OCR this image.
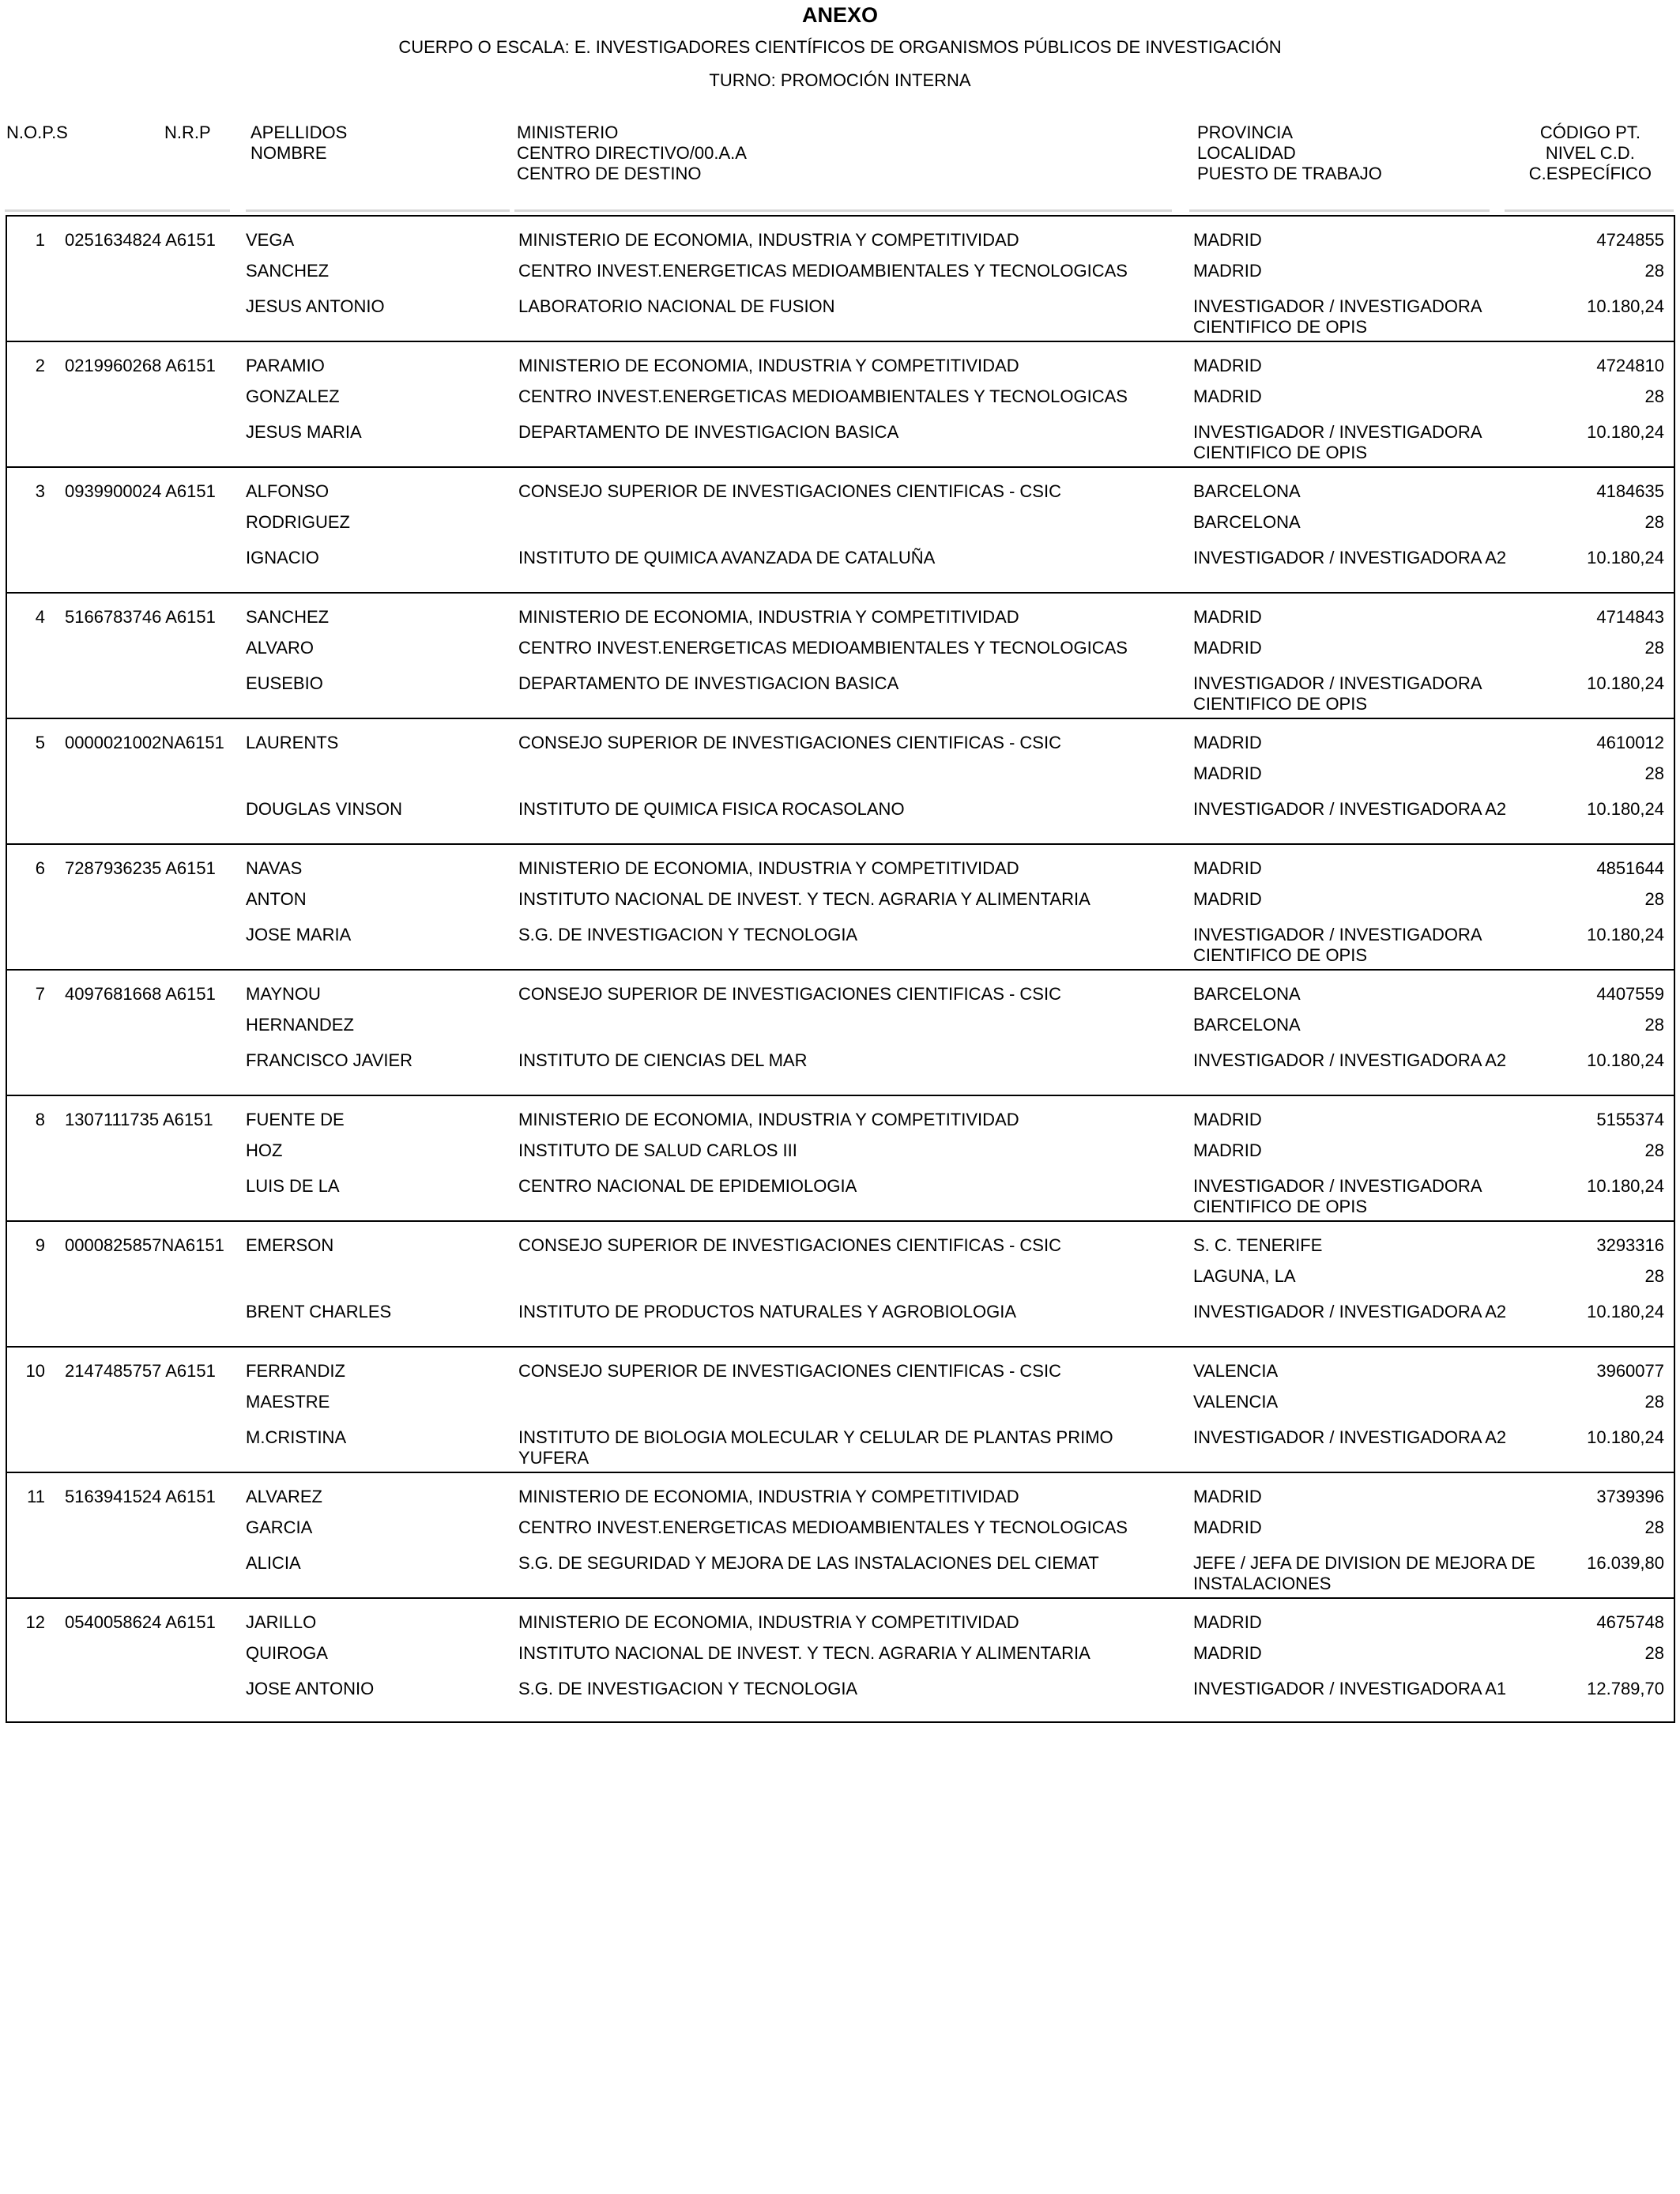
ANEXO
CUERPO O ESCALA: E. INVESTIGADORES CIENTÍFICOS DE ORGANISMOS PÚBLICOS DE INVESTIGACIÓN
TURNO: PROMOCIÓN INTERNA
N.O.P.S	N.R.P APELLIDOS
NOMBRE
MINISTERIO
CENTRO DIRECTIVO/00.A.A
CENTRO DE DESTINO
PROVINCIA
LOCALIDAD
PUESTO DE TRABAJO
CÓDIGO PT.
NIVEL C.D.
C.ESPECÍFICO
1 0251634824 A6151 VEGA
SANCHEZ
JESUS ANTONIO
MINISTERIO DE ECONOMIA, INDUSTRIA Y COMPETITIVIDAD
CENTRO INVEST.ENERGETICAS MEDIOAMBIENTALES Y TECNOLOGICAS
LABORATORIO NACIONAL DE FUSION
MADRID
MADRID
INVESTIGADOR / INVESTIGADORA CIENTIFICO DE OPIS
4724855
28
10.180,24
2 0219960268 A6151 PARAMIO
GONZALEZ
JESUS MARIA
MINISTERIO DE ECONOMIA, INDUSTRIA Y COMPETITIVIDAD
CENTRO INVEST.ENERGETICAS MEDIOAMBIENTALES Y TECNOLOGICAS
DEPARTAMENTO DE INVESTIGACION BASICA
MADRID
MADRID
INVESTIGADOR / INVESTIGADORA CIENTIFICO DE OPIS
4724810
28
10.180,24
3 0939900024 A6151 ALFONSO
RODRIGUEZ
IGNACIO
CONSEJO SUPERIOR DE INVESTIGACIONES CIENTIFICAS - CSIC
INSTITUTO DE QUIMICA AVANZADA DE CATALUÑA
BARCELONA
BARCELONA
INVESTIGADOR / INVESTIGADORA A2
4184635
28
10.180,24
4 5166783746 A6151 SANCHEZ
ALVARO
EUSEBIO
MINISTERIO DE ECONOMIA, INDUSTRIA Y COMPETITIVIDAD
CENTRO INVEST.ENERGETICAS MEDIOAMBIENTALES Y TECNOLOGICAS
DEPARTAMENTO DE INVESTIGACION BASICA
MADRID
MADRID
INVESTIGADOR / INVESTIGADORA CIENTIFICO DE OPIS
4714843
28
10.180,24
5 0000021002NA6151 LAURENTS
DOUGLAS VINSON
CONSEJO SUPERIOR DE INVESTIGACIONES CIENTIFICAS - CSIC
INSTITUTO DE QUIMICA FISICA ROCASOLANO
MADRID
MADRID
INVESTIGADOR / INVESTIGADORA A2
4610012
28
10.180,24
6 7287936235 A6151 NAVAS
ANTON
JOSE MARIA
MINISTERIO DE ECONOMIA, INDUSTRIA Y COMPETITIVIDAD
INSTITUTO NACIONAL DE INVEST. Y TECN. AGRARIA Y ALIMENTARIA
S.G. DE INVESTIGACION Y TECNOLOGIA
MADRID
MADRID
INVESTIGADOR / INVESTIGADORA CIENTIFICO DE OPIS
4851644
28
10.180,24
7 4097681668 A6151 MAYNOU
HERNANDEZ
FRANCISCO JAVIER
CONSEJO SUPERIOR DE INVESTIGACIONES CIENTIFICAS - CSIC
INSTITUTO DE CIENCIAS DEL MAR
BARCELONA
BARCELONA
INVESTIGADOR / INVESTIGADORA A2
4407559
28
10.180,24
8 1307111735 A6151 FUENTE DE
HOZ
LUIS DE LA
MINISTERIO DE ECONOMIA, INDUSTRIA Y COMPETITIVIDAD
INSTITUTO DE SALUD CARLOS III
CENTRO NACIONAL DE EPIDEMIOLOGIA
MADRID
MADRID
INVESTIGADOR / INVESTIGADORA CIENTIFICO DE OPIS
5155374
28
10.180,24
9 0000825857NA6151 EMERSON
BRENT CHARLES
CONSEJO SUPERIOR DE INVESTIGACIONES CIENTIFICAS - CSIC
INSTITUTO DE PRODUCTOS NATURALES Y AGROBIOLOGIA
S. C. TENERIFE
LAGUNA, LA
INVESTIGADOR / INVESTIGADORA A2
3293316
28
10.180,24
10 2147485757 A6151 FERRANDIZ
MAESTRE
M.CRISTINA
CONSEJO SUPERIOR DE INVESTIGACIONES CIENTIFICAS - CSIC
INSTITUTO DE BIOLOGIA MOLECULAR Y CELULAR DE PLANTAS PRIMO YUFERA
VALENCIA
VALENCIA
INVESTIGADOR / INVESTIGADORA A2
3960077
28
10.180,24
11 5163941524 A6151 ALVAREZ
GARCIA
ALICIA
MINISTERIO DE ECONOMIA, INDUSTRIA Y COMPETITIVIDAD
CENTRO INVEST.ENERGETICAS MEDIOAMBIENTALES Y TECNOLOGICAS
S.G. DE SEGURIDAD Y MEJORA DE LAS INSTALACIONES DEL CIEMAT
MADRID
MADRID
JEFE / JEFA DE DIVISION DE MEJORA DE INSTALACIONES
3739396
28
16.039,80
12 0540058624 A6151 JARILLO
QUIROGA
JOSE ANTONIO
MINISTERIO DE ECONOMIA, INDUSTRIA Y COMPETITIVIDAD
INSTITUTO NACIONAL DE INVEST. Y TECN. AGRARIA Y ALIMENTARIA
S.G. DE INVESTIGACION Y TECNOLOGIA
MADRID
MADRID
INVESTIGADOR / INVESTIGADORA A1
4675748
28
12.789,70
